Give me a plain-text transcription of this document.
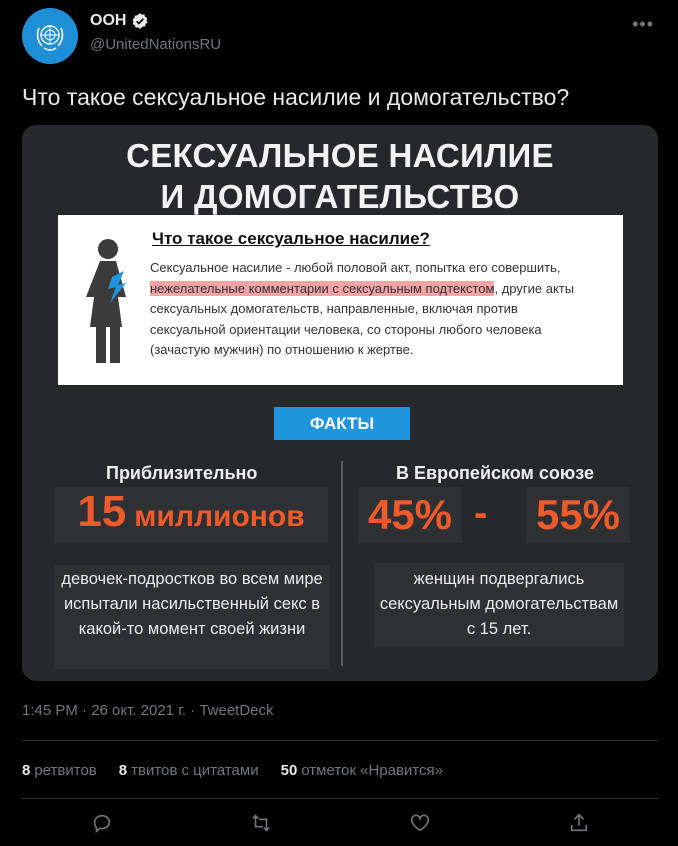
ООН
@UnitedNationsRU
•••
Что такое сексуальное насилие и домогательство?
СЕКСУАЛЬНОЕ НАСИЛИЕ
И ДОМОГАТЕЛЬСТВО
Что такое сексуальное насилие?
Сексуальное насилие - любой половой акт, попытка его совершить, нежелательные комментарии с сексуальным подтекстом, другие акты сексуальных домогательств, направленные, включая против сексуальной ориентации человека, со стороны любого человека (зачастую мужчин) по отношению к жертве.
ФАКТЫ
Приблизительно
15 миллионов
девочек-подростков во всем мире испытали насильственный секс в какой-то момент своей жизни
В Европейском союзе
45% - 55%
женщин подвергались сексуальным домогательствам с 15 лет.
1:45 PM · 26 окт. 2021 г. · TweetDeck
8 ретвитов 8 твитов с цитатами 50 отметок «Нравится»
